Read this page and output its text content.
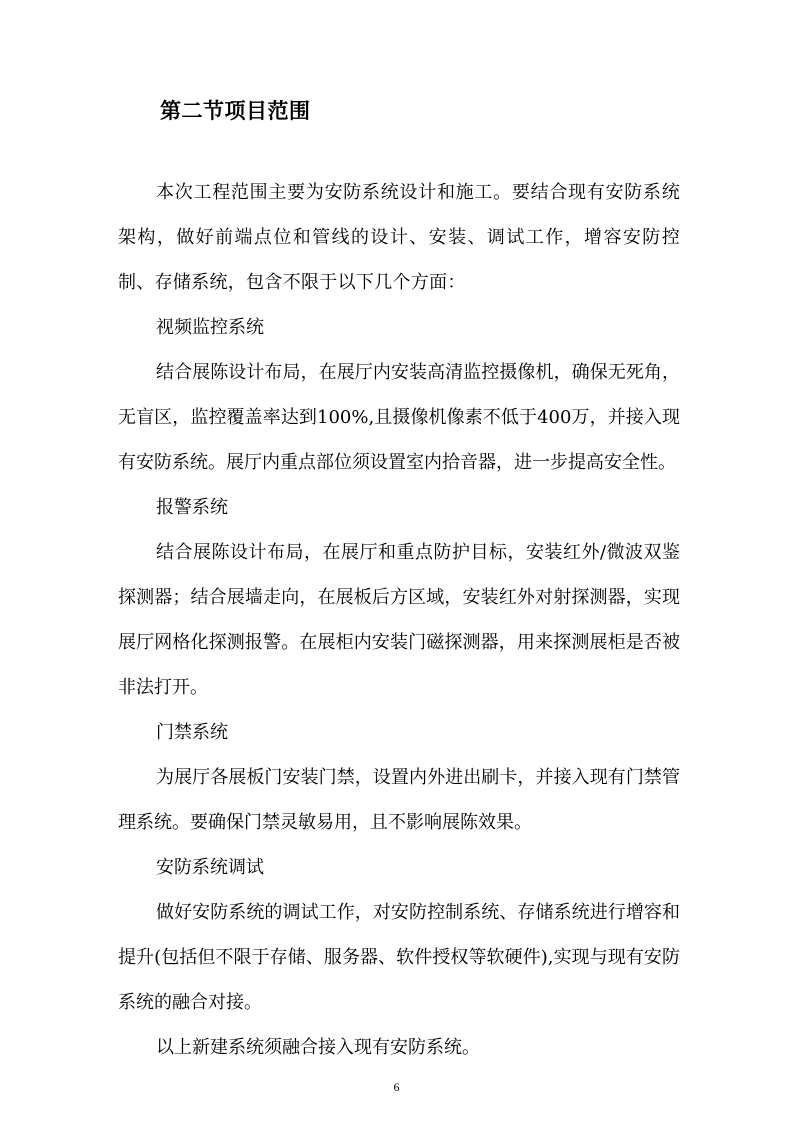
第二节项目范围

本次工程范围主要为安防系统设计和施工。要结合现有安防系统架构，做好前端点位和管线的设计、安装、调试工作，增容安防控制、存储系统，包含不限于以下几个方面：

视频监控系统

结合展陈设计布局，在展厅内安装高清监控摄像机，确保无死角，无盲区，监控覆盖率达到100%,且摄像机像素不低于400万，并接入现有安防系统。展厅内重点部位须设置室内拾音器，进一步提高安全性。

报警系统

结合展陈设计布局，在展厅和重点防护目标，安装红外/微波双鉴探测器；结合展墙走向，在展板后方区域，安装红外对射探测器，实现展厅网格化探测报警。在展柜内安装门磁探测器，用来探测展柜是否被非法打开。

门禁系统

为展厅各展板门安装门禁，设置内外进出刷卡，并接入现有门禁管理系统。要确保门禁灵敏易用，且不影响展陈效果。

安防系统调试

做好安防系统的调试工作，对安防控制系统、存储系统进行增容和提升(包括但不限于存储、服务器、软件授权等软硬件),实现与现有安防系统的融合对接。

以上新建系统须融合接入现有安防系统。

6
